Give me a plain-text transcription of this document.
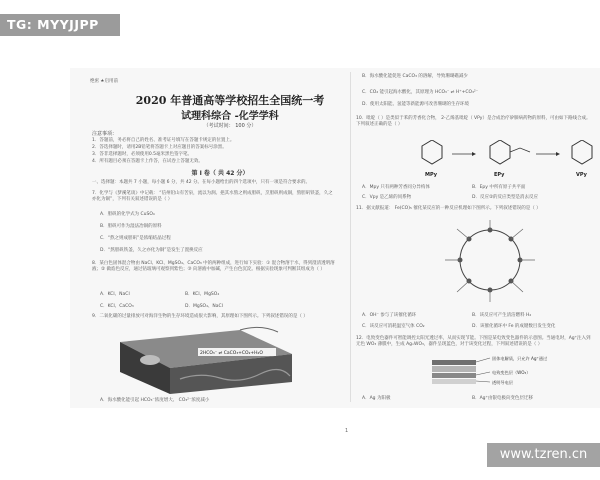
绝密 ★启用前
2020 年普通高等学校招生全国统一考
试理科综合 -化学学科
（考试时间： 100 分）
注意事项：
1．答题前，务必将自己的姓名、准考证号填写在答题卡规定的位置上。
2．答选择题时，请用2B铅笔将答题卡上对应题目的答案标号涂黑。
3．答非选择题时，必须使用0.5毫米黑色签字笔。
4．所有题目必须在答题卡上作答，在试卷上答题无效。
第 I 卷（ 共 42 分）
一、选择题：本题共 7 小题，每小题 6 分，共 42 分。在每小题给出的四个选项中，只有一项是符合要求的。
7．化学与《梦溪笔谈》中记载： “信州铅山有苦泉，流以为涧。挹其水熬之则成胆矾，烹胆矾则成铜，熬胆矾铁釜，久之亦化为铜”，下列有关叙述错误的是（ ）
A．胆矾的化学式为 CuSO₄
B．胆矾可作为湿法冶铜的原料
C．“熬之则成胆矾”是浓缩结晶过程
D．“熬胆矾铁釜，久之亦化为铜”是发生了置换反应
8．某白色固体混合物由 NaCl、KCl、MgSO₄、CaCO₃ 中的两种组成，进行如下实验：① 混合物溶于水，得到澄清透明溶液；② 做焰色反应，通过钴玻璃可观察到紫色；③ 向溶液中加碱，产生白色沉淀。根据实验现象可判断其组成为（ ）
A．KCl、NaCl	B．KCl、MgSO₄
C．KCl、CaCO₃	D．MgSO₄、NaCl
9．二氧化碳的过量排放可对海洋生物的生存环境造成很大影响，其原理如下图所示。下列叙述错误的是（ ）
2HCO₃⁻ ⇌ CaCO₃+CO₂+H₂O
A．海水酸化能引起 HCO₃⁻浓度增大、 CO₃²⁻浓度减小
B．海水酸化能促进 CaCO₃ 的溶解，导致珊瑚礁减少
C．CO₂ 能引起海水酸化，其原理为 HCO₃⁻ ⇌ H⁺+CO₃²⁻
D．使用太阳能、氢能等新能源可改善珊瑚的生存环境
10．吡啶（ ）是类似于苯的芳香化合物， 2-乙烯基吡啶（ VPy）是合成治疗矽肺病药物的原料，可由如下路线合成。下列叙述正确的是（ ）
MPy	EPy	VPy
A．Mpy 只有两种芳香同分异构体	B．Epy 中所有原子共平面
C．Vpy 是乙烯的同系物	D．反应②的反应类型是消去反应
11．据文献报道： Fe(CO)₅ 催化某反应的一种反应机理如下图所示。下列叙述错误的是（ ）
A．OH⁻ 参与了该催化循环	B．该反应可产生清洁燃料 H₂
C．该反应可消耗温室气体 CO₂	D．该催化循环中 Fe 的成键数目发生变化
12．电致变色器件可智能调控太阳光透过率，从而实现节能。下图是某电致变色器件的示意图。当通电时，Ag⁺注入到无色 WO₃ 薄膜中，生成 AgₓWO₃，器件呈现蓝色，对于该变化过程，下列叙述错误的是（ ）
固体电解质，只允许 Ag⁺通过
电致变色层（WO₃）
透明导电层
A．Ag 为阳极	B．Ag⁺由银电极向变色层迁移
1
TG: MYYJJPP
www.tzren.cn
